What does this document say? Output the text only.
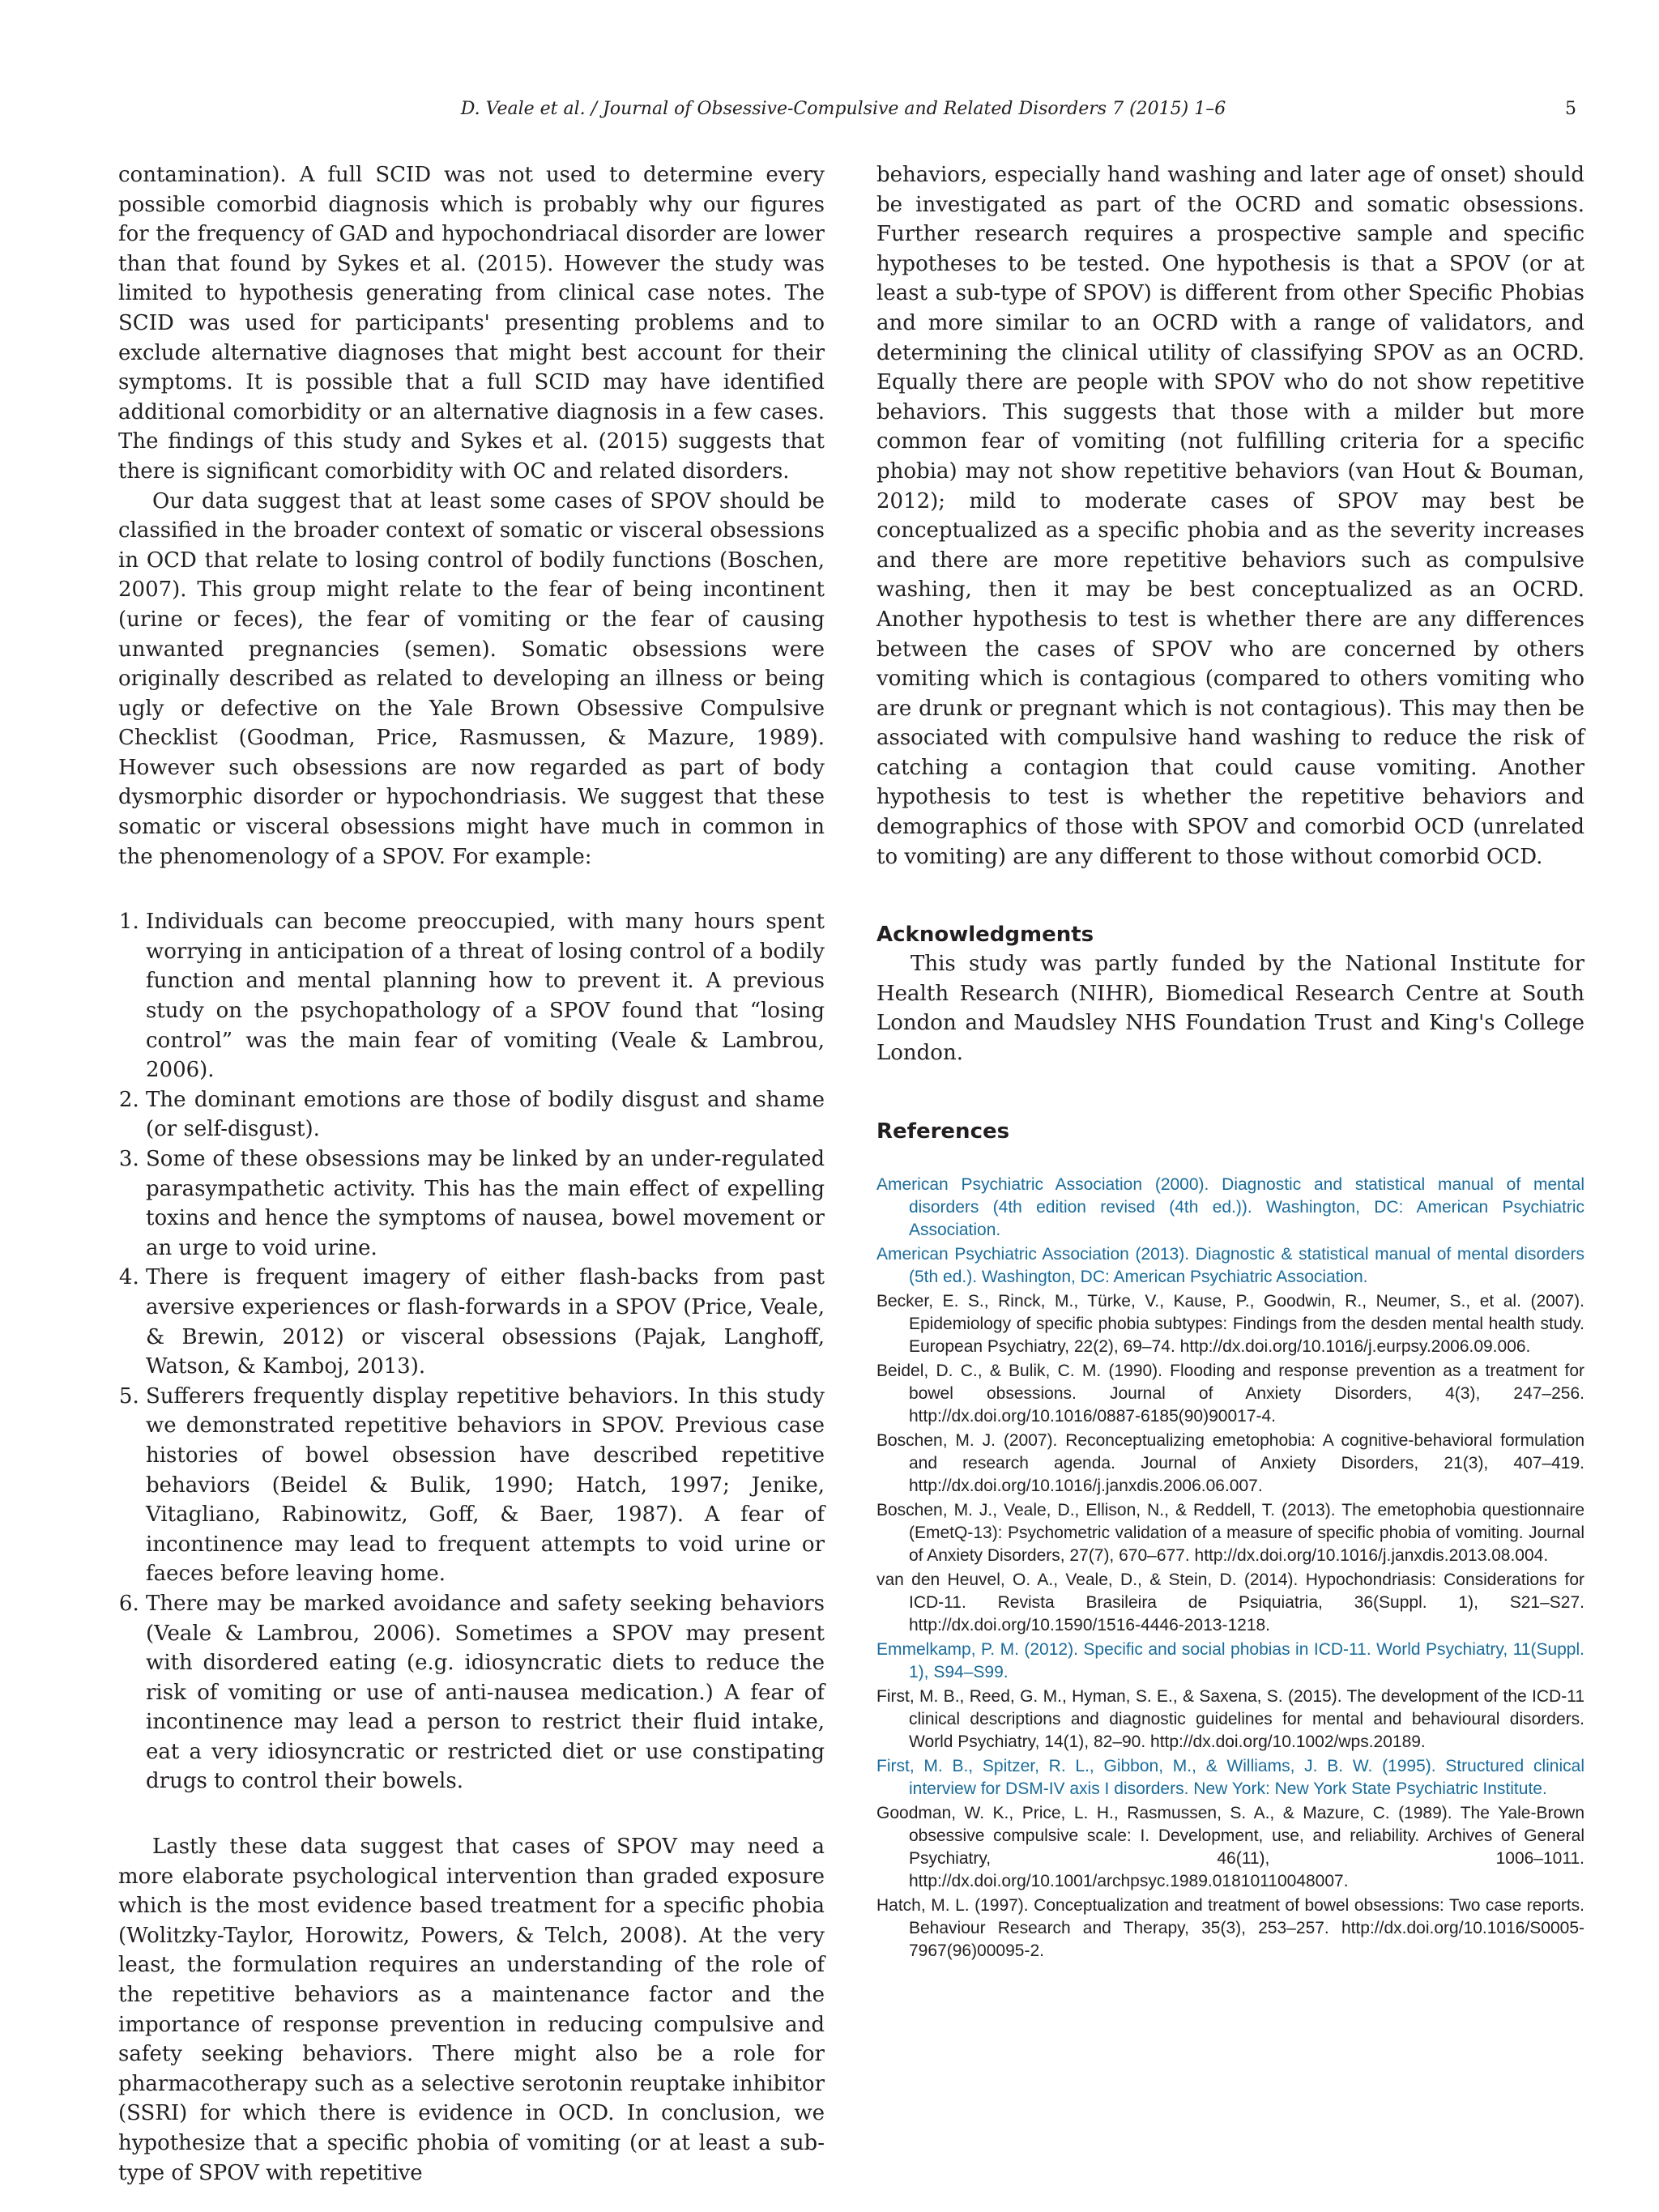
D. Veale et al. / Journal of Obsessive-Compulsive and Related Disorders 7 (2015) 1–6	5

contamination). A full SCID was not used to determine every possible comorbid diagnosis which is probably why our figures for the frequency of GAD and hypochondriacal disorder are lower than that found by Sykes et al. (2015). However the study was limited to hypothesis generating from clinical case notes. The SCID was used for participants' presenting problems and to exclude alternative diagnoses that might best account for their symptoms. It is possible that a full SCID may have identified additional comorbidity or an alternative diagnosis in a few cases. The findings of this study and Sykes et al. (2015) suggests that there is significant comorbidity with OC and related disorders.

Our data suggest that at least some cases of SPOV should be classified in the broader context of somatic or visceral obsessions in OCD that relate to losing control of bodily functions (Boschen, 2007). This group might relate to the fear of being incontinent (urine or feces), the fear of vomiting or the fear of causing unwanted pregnancies (semen). Somatic obsessions were originally described as related to developing an illness or being ugly or defective on the Yale Brown Obsessive Compulsive Checklist (Goodman, Price, Rasmussen, & Mazure, 1989). However such obsessions are now regarded as part of body dysmorphic disorder or hypochondriasis. We suggest that these somatic or visceral obsessions might have much in common in the phenomenology of a SPOV. For example:

1. Individuals can become preoccupied, with many hours spent worrying in anticipation of a threat of losing control of a bodily function and mental planning how to prevent it. A previous study on the psychopathology of a SPOV found that “losing control” was the main fear of vomiting (Veale & Lambrou, 2006).
2. The dominant emotions are those of bodily disgust and shame (or self-disgust).
3. Some of these obsessions may be linked by an under-regulated parasympathetic activity. This has the main effect of expelling toxins and hence the symptoms of nausea, bowel movement or an urge to void urine.
4. There is frequent imagery of either flash-backs from past aversive experiences or flash-forwards in a SPOV (Price, Veale, & Brewin, 2012) or visceral obsessions (Pajak, Langhoff, Watson, & Kamboj, 2013).
5. Sufferers frequently display repetitive behaviors. In this study we demonstrated repetitive behaviors in SPOV. Previous case histories of bowel obsession have described repetitive behaviors (Beidel & Bulik, 1990; Hatch, 1997; Jenike, Vitagliano, Rabinowitz, Goff, & Baer, 1987). A fear of incontinence may lead to frequent attempts to void urine or faeces before leaving home.
6. There may be marked avoidance and safety seeking behaviors (Veale & Lambrou, 2006). Sometimes a SPOV may present with disordered eating (e.g. idiosyncratic diets to reduce the risk of vomiting or use of anti-nausea medication.) A fear of incontinence may lead a person to restrict their fluid intake, eat a very idiosyncratic or restricted diet or use constipating drugs to control their bowels.

Lastly these data suggest that cases of SPOV may need a more elaborate psychological intervention than graded exposure which is the most evidence based treatment for a specific phobia (Wolitzky-Taylor, Horowitz, Powers, & Telch, 2008). At the very least, the formulation requires an understanding of the role of the repetitive behaviors as a maintenance factor and the importance of response prevention in reducing compulsive and safety seeking behaviors. There might also be a role for pharmacotherapy such as a selective serotonin reuptake inhibitor (SSRI) for which there is evidence in OCD. In conclusion, we hypothesize that a specific phobia of vomiting (or at least a sub-type of SPOV with repetitive

behaviors, especially hand washing and later age of onset) should be investigated as part of the OCRD and somatic obsessions. Further research requires a prospective sample and specific hypotheses to be tested. One hypothesis is that a SPOV (or at least a sub-type of SPOV) is different from other Specific Phobias and more similar to an OCRD with a range of validators, and determining the clinical utility of classifying SPOV as an OCRD. Equally there are people with SPOV who do not show repetitive behaviors. This suggests that those with a milder but more common fear of vomiting (not fulfilling criteria for a specific phobia) may not show repetitive behaviors (van Hout & Bouman, 2012); mild to moderate cases of SPOV may best be conceptualized as a specific phobia and as the severity increases and there are more repetitive behaviors such as compulsive washing, then it may be best conceptualized as an OCRD. Another hypothesis to test is whether there are any differences between the cases of SPOV who are concerned by others vomiting which is contagious (compared to others vomiting who are drunk or pregnant which is not contagious). This may then be associated with compulsive hand washing to reduce the risk of catching a contagion that could cause vomiting. Another hypothesis to test is whether the repetitive behaviors and demographics of those with SPOV and comorbid OCD (unrelated to vomiting) are any different to those without comorbid OCD.

Acknowledgments

This study was partly funded by the National Institute for Health Research (NIHR), Biomedical Research Centre at South London and Maudsley NHS Foundation Trust and King's College London.

References
American Psychiatric Association (2000). Diagnostic and statistical manual of mental disorders (4th edition revised (4th ed.)). Washington, DC: American Psychiatric Association.
American Psychiatric Association (2013). Diagnostic & statistical manual of mental disorders (5th ed.). Washington, DC: American Psychiatric Association.
Becker, E. S., Rinck, M., Türke, V., Kause, P., Goodwin, R., Neumer, S., et al. (2007). Epidemiology of specific phobia subtypes: Findings from the desden mental health study. European Psychiatry, 22(2), 69–74. http://dx.doi.org/10.1016/j.eurpsy.2006.09.006.
Beidel, D. C., & Bulik, C. M. (1990). Flooding and response prevention as a treatment for bowel obsessions. Journal of Anxiety Disorders, 4(3), 247–256. http://dx.doi.org/10.1016/0887-6185(90)90017-4.
Boschen, M. J. (2007). Reconceptualizing emetophobia: A cognitive-behavioral formulation and research agenda. Journal of Anxiety Disorders, 21(3), 407–419. http://dx.doi.org/10.1016/j.janxdis.2006.06.007.
Boschen, M. J., Veale, D., Ellison, N., & Reddell, T. (2013). The emetophobia questionnaire (EmetQ-13): Psychometric validation of a measure of specific phobia of vomiting. Journal of Anxiety Disorders, 27(7), 670–677. http://dx.doi.org/10.1016/j.janxdis.2013.08.004.
van den Heuvel, O. A., Veale, D., & Stein, D. (2014). Hypochondriasis: Considerations for ICD-11. Revista Brasileira de Psiquiatria, 36(Suppl. 1), S21–S27. http://dx.doi.org/10.1590/1516-4446-2013-1218.
Emmelkamp, P. M. (2012). Specific and social phobias in ICD-11. World Psychiatry, 11(Suppl. 1), S94–S99.
First, M. B., Reed, G. M., Hyman, S. E., & Saxena, S. (2015). The development of the ICD-11 clinical descriptions and diagnostic guidelines for mental and behavioural disorders. World Psychiatry, 14(1), 82–90. http://dx.doi.org/10.1002/wps.20189.
First, M. B., Spitzer, R. L., Gibbon, M., & Williams, J. B. W. (1995). Structured clinical interview for DSM-IV axis I disorders. New York: New York State Psychiatric Institute.
Goodman, W. K., Price, L. H., Rasmussen, S. A., & Mazure, C. (1989). The Yale-Brown obsessive compulsive scale: I. Development, use, and reliability. Archives of General Psychiatry, 46(11), 1006–1011. http://dx.doi.org/10.1001/archpsyc.1989.01810110048007.
Hatch, M. L. (1997). Conceptualization and treatment of bowel obsessions: Two case reports. Behaviour Research and Therapy, 35(3), 253–257. http://dx.doi.org/10.1016/S0005-7967(96)00095-2.
